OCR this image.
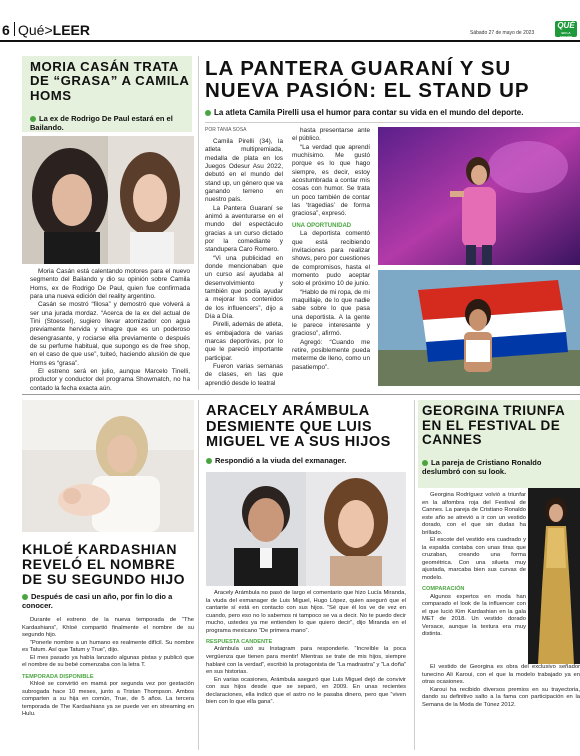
6 Qué>LEER	Sábado 27 de mayo de 2023
QUÉ
EN LA EDICIÓN
MORIA CASÁN TRATA DE “GRASA” A CAMILA HOMS
La ex de Rodrigo De Paul estará en el Bailando.

Moria Casán está calentando motores para el nuevo segmento del Bailando y dio su opinión sobre Camila Homs, ex de Rodrigo De Paul, quien fue confirmada para una nueva edición del reality argentino.

Casán se mostró “filosa” y demostró que volverá a ser una jurada mordaz. “Acerca de la ex del actual de Tini (Stoessel), sugiero llevar atomizador con agua previamente hervida y vinagre que es un poderoso desengrasante, y rociarse ella previamente o después de su perfume habitual, que supongo es de free shop, en el caso de que use”, tuiteó, haciendo alusión de que Homs es “grasa”.

El estreno será en julio, aunque Marcelo Tinelli, productor y conductor del programa Showmatch, no ha contado la fecha exacta aún.

LA PANTERA GUARANÍ Y SU NUEVA PASIÓN: EL STAND UP
La atleta Camila Pirelli usa el humor para contar su vida en el mundo del deporte.
POR TANIA SOSA

Camila Pirelli (34), la atleta multipremiada, medalla de plata en los Juegos Odesur Asu 2022, debutó en el mundo del stand up, un género que va ganando terreno en nuestro país.

La Pantera Guaraní se animó a aventurarse en el mundo del espectáculo gracias a un curso dictado por la comediante y standupera Caro Romero.

“Vi una publicidad en donde mencionaban que un curso así ayudaba al desenvolvimiento y también que podía ayudar a mejorar los contenidos de los influencers”, dijo a Día a Día.

Pirelli, además de atleta, es embajadora de varias marcas deportivas, por lo que le pareció importante participar.

Fueron varias semanas de clases, en las que aprendió desde lo teatral

hasta presentarse ante el público.

“La verdad que aprendí muchísimo. Me gustó porque es lo que hago siempre, es decir, estoy acostumbrada a contar mis cosas con humor. Se trata un poco también de contar las ‘tragedias’ de forma graciosa”, expresó.

UNA OPORTUNIDAD

La deportista comentó que está recibiendo invitaciones para realizar shows, pero por cuestiones de compromisos, hasta el momento pudo aceptar solo el próximo 10 de junio.

“Hablo de mi ropa, de mi maquillaje, de lo que nadie sabe sobre lo que pasa una deportista. A la gente le parece interesante y gracioso”, afirmó.

Agregó: “Cuando me retire, posiblemente pueda meterme de lleno, como un pasatiempo”.

KHLOÉ KARDASHIAN REVELÓ EL NOMBRE DE SU SEGUNDO HIJO
Después de casi un año, por fin lo dio a conocer.

Durante el estreno de la nueva temporada de “The Kardashians”, Khloé compartió finalmente el nombre de su segundo hijo.

“Ponerle nombre a un humano es realmente difícil. Su nombre es Tatum. Así que Tatum y True”, dijo.

El mes pasado ya había lanzado algunas pistas y publicó que el nombre de su bebé comenzaba con la letra T.

TEMPORADA DISPONIBLE

Khloé se convirtió en mamá por segunda vez por gestación subrogada hace 10 meses, junto a Tristan Thompson. Ambos comparten a su hija en común, True, de 5 años. La tercera temporada de The Kardashians ya se puede ver en streaming en Hulu.

ARACELY ARÁMBULA DESMIENTE QUE LUIS MIGUEL VE A SUS HIJOS
Respondió a la viuda del exmanager.

Aracely Arámbula no pasó de largo el comentario que hizo Lucía Miranda, la viuda del exmanager de Luis Miguel, Hugo López, quien aseguró que el cantante sí está en contacto con sus hijos. “Sé que él los ve de vez en cuando, pero eso no lo sabemos ni tampoco se va a decir. No te puedo decir mucho, ustedes ya me entienden lo que quiero decir”, dijo Miranda en el programa mexicano “De primera mano”.

RESPUESTA CANDENTE

Arámbula usó su Instagram para responderle. “Increíble la poca vergüenza que tienen para mentir! Mientras se trate de mis hijos, siempre hablaré con la verdad”, escribió la protagonista de “La madrastra” y “La doña” en sus historias.

En varias ocasiones, Arámbula aseguró que Luis Miguel dejó de convivir con sus hijos desde que se separó, en 2009. En unas recientes declaraciones, ella indicó que el astro no le pasaba dinero, pero que “viven bien con lo que ella gana”.

GEORGINA TRIUNFA EN EL FESTIVAL DE CANNES
La pareja de Cristiano Ronaldo deslumbró con su look.

Georgina Rodríguez volvió a triunfar en la alfombra roja del Festival de Cannes. La pareja de Cristiano Ronaldo este año se atrevió a ir con un vestido dorado, con el que sin dudas ha brillado.

El escote del vestido era cuadrado y la espalda contaba con unas tiras que cruzaban, creando una forma geométrica. Con una silueta muy ajustada, marcaba bien sus curvas de modelo.

COMPARACIÓN

Algunos expertos en moda han comparado el look de la influencer con el que lució Kim Kardashian en la gala MET de 2018. Un vestido dorado Versace, aunque la textura era muy distinta.

El vestido de Georgina es obra del exclusivo señador tunecino Ali Karoui, con el que la modelo trabajado ya en otras ocasiones.

Karoui ha recibido diversos premios en su trayectoria, dando su definitivo salto a la fama con participación en la Semana de la Moda de Túnez 2012.
